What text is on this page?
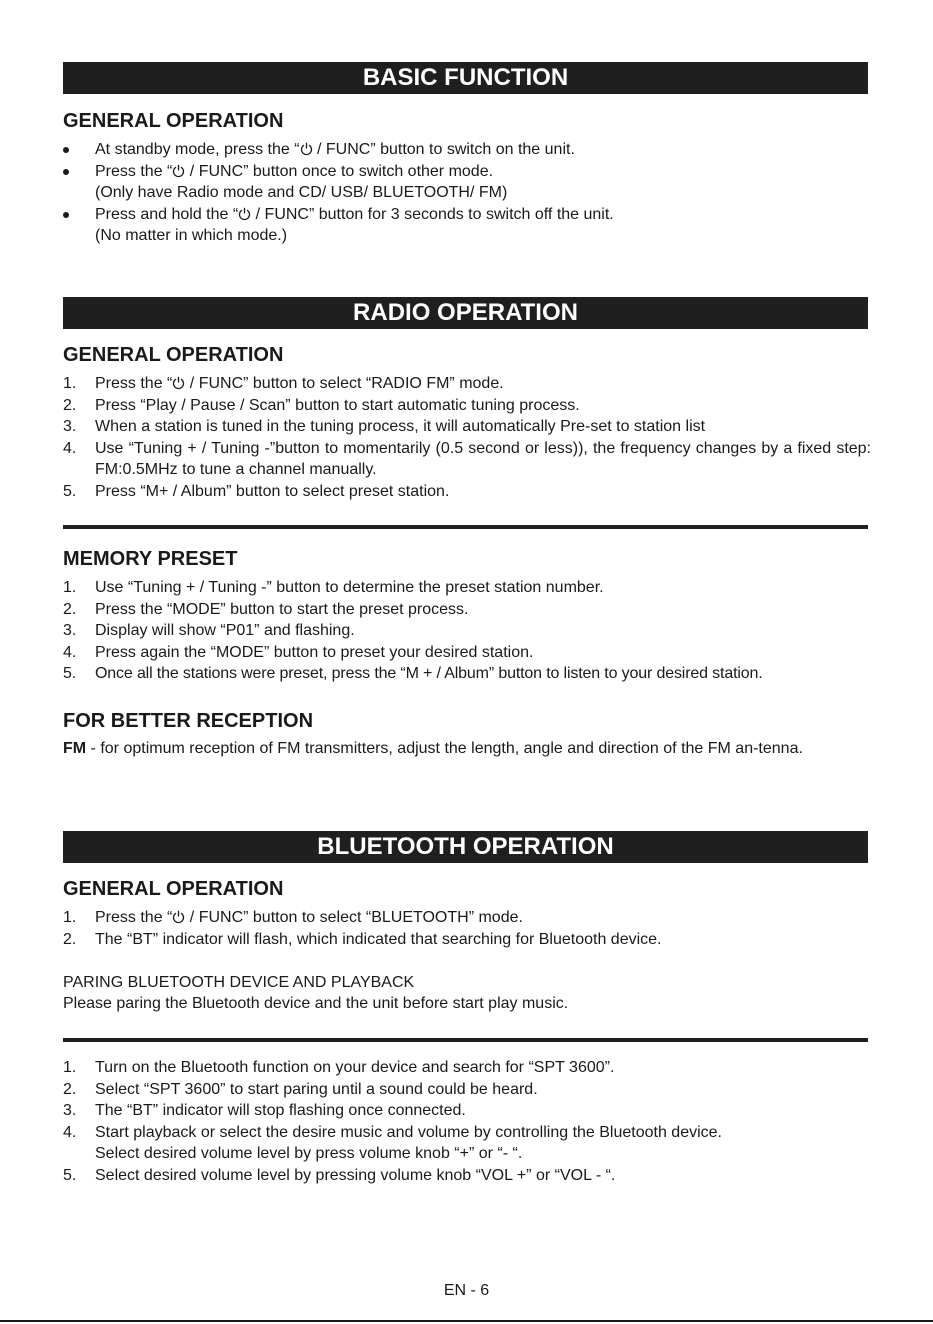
BASIC FUNCTION
GENERAL OPERATION
At standby mode, press the “ / FUNC” button to switch on the unit.
Press the “ / FUNC” button once to switch other mode.
(Only have Radio mode and CD/ USB/ BLUETOOTH/ FM)
Press and hold the “ / FUNC” button for 3 seconds to switch off the unit.
(No matter in which mode.)
RADIO OPERATION
GENERAL OPERATION
1. Press the “ / FUNC” button to select “RADIO FM” mode.
2. Press “Play / Pause / Scan” button to start automatic tuning process.
3. When a station is tuned in the tuning process, it will automatically Pre-set to station list
4. Use “Tuning + / Tuning -”button to momentarily (0.5 second or less)), the frequency changes by a fixed step: FM:0.5MHz to tune a channel manually.
5. Press “M+ / Album” button to select preset station.
MEMORY PRESET
1. Use “Tuning + / Tuning -” button to determine the preset station number.
2. Press the “MODE” button to start the preset process.
3. Display will show “P01” and flashing.
4. Press again the “MODE” button to preset your desired station.
5. Once all the stations were preset, press the “M + / Album” button to listen to your desired station.
FOR BETTER RECEPTION

FM - for optimum reception of FM transmitters, adjust the length, angle and direction of the FM an-tenna.

BLUETOOTH OPERATION
GENERAL OPERATION
1. Press the “ / FUNC” button to select “BLUETOOTH” mode.
2. The “BT” indicator will flash, which indicated that searching for Bluetooth device.

PARING BLUETOOTH DEVICE AND PLAYBACK

Please paring the Bluetooth device and the unit before start play music.

1. Turn on the Bluetooth function on your device and search for “SPT 3600”.
2. Select “SPT 3600” to start paring until a sound could be heard.
3. The “BT” indicator will stop flashing once connected.
4. Start playback or select the desire music and volume by controlling the Bluetooth device.
Select desired volume level by press volume knob “+” or “- “.
5. Select desired volume level by pressing volume knob “VOL +” or “VOL - “.
EN - 6
